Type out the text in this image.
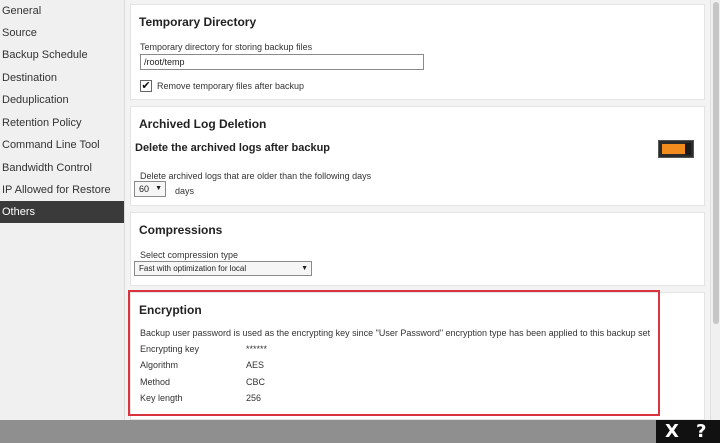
General
Source
Backup Schedule
Destination
Deduplication
Retention Policy
Command Line Tool
Bandwidth Control
IP Allowed for Restore
Others
Temporary Directory
Temporary directory for storing backup files
/root/temp
✔ Remove temporary files after backup
Archived Log Deletion
Delete the archived logs after backup
Delete archived logs that are older than the following days
days
60 ▼
Compressions
Select compression type
Fast with optimization for local	▼
Encryption
Backup user password is used as the encrypting key since "User Password" encryption type has been applied to this backup set
Encrypting key	******
Algorithm	AES
Method	CBC
Key length	256
X ?
